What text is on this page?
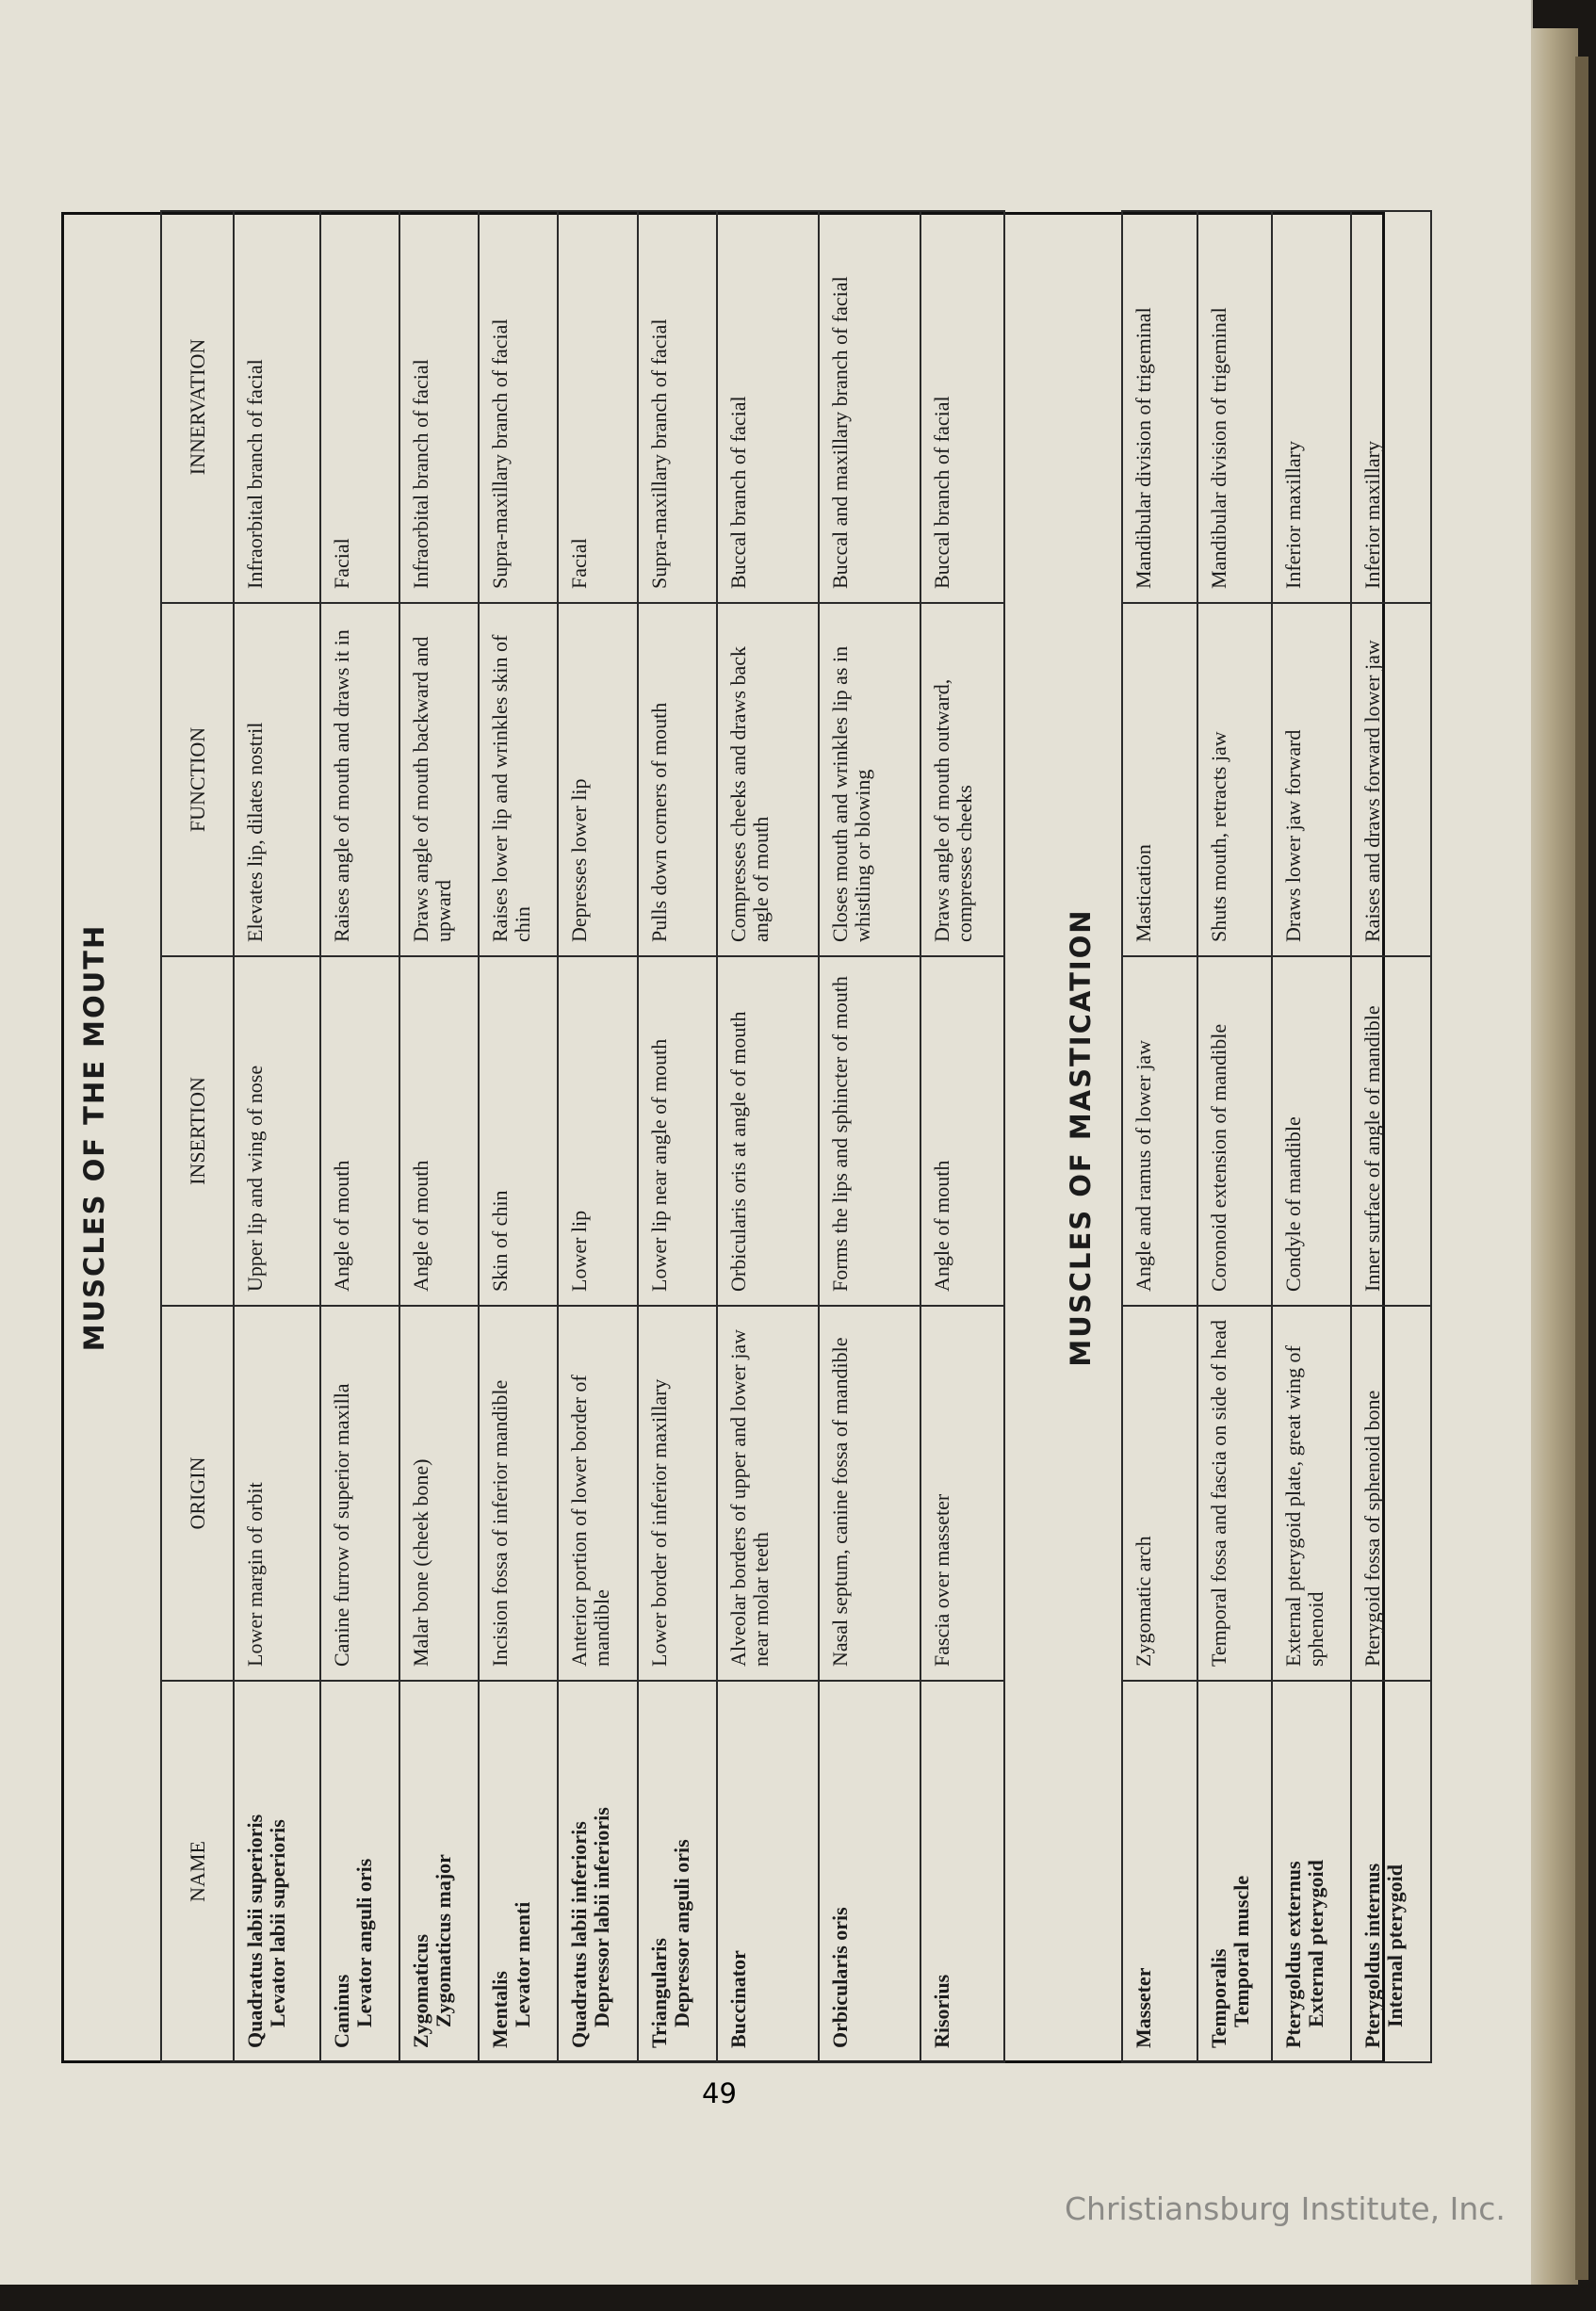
MUSCLES OF THE MOUTH
NAME	ORIGIN	INSERTION	FUNCTION	INNERVATION
Quadratus labii superioris Levator labii superioris	Lower margin of orbit	Upper lip and wing of nose	Elevates lip, dilates nostril	Infraorbital branch of facial
Caninus Levator anguli oris	Canine furrow of superior maxilla	Angle of mouth	Raises angle of mouth and draws it in	Facial
Zygomaticus Zygomaticus major	Malar bone (cheek bone)	Angle of mouth	Draws angle of mouth backward and upward	Infraorbital branch of facial
Mentalis Levator menti	Incision fossa of inferior mandible	Skin of chin	Raises lower lip and wrinkles skin of chin	Supra-maxillary branch of facial
Quadratus labii inferioris Depressor labii inferioris	Anterior portion of lower border of mandible	Lower lip	Depresses lower lip	Facial
Triangularis Depressor anguli oris	Lower border of inferior maxillary	Lower lip near angle of mouth	Pulls down corners of mouth	Supra-maxillary branch of facial
Buccinator	Alveolar borders of upper and lower jaw near molar teeth	Orbicularis oris at angle of mouth	Compresses cheeks and draws back angle of mouth	Buccal branch of facial
Orbicularis oris	Nasal septum, canine fossa of mandible	Forms the lips and sphincter of mouth	Closes mouth and wrinkles lip as in whistling or blowing	Buccal and maxillary branch of facial
Risorius	Fascia over masseter	Angle of mouth	Draws angle of mouth outward, compresses cheeks	Buccal branch of facial
MUSCLES OF MASTICATION
Masseter	Zygomatic arch	Angle and ramus of lower jaw	Mastication	Mandibular division of trigeminal
Temporalis Temporal muscle	Temporal fossa and fascia on side of head	Coronoid extension of mandible	Shuts mouth, retracts jaw	Mandibular division of trigeminal
Pterygoldus externus External pterygoid	External pterygoid plate, great wing of sphenoid	Condyle of mandible	Draws lower jaw forward	Inferior maxillary
Pterygoldus internus Internal pterygoid	Pterygoid fossa of sphenoid bone	Inner surface of angle of mandible	Raises and draws forward lower jaw	Inferior maxillary
49
Christiansburg Institute, Inc.
